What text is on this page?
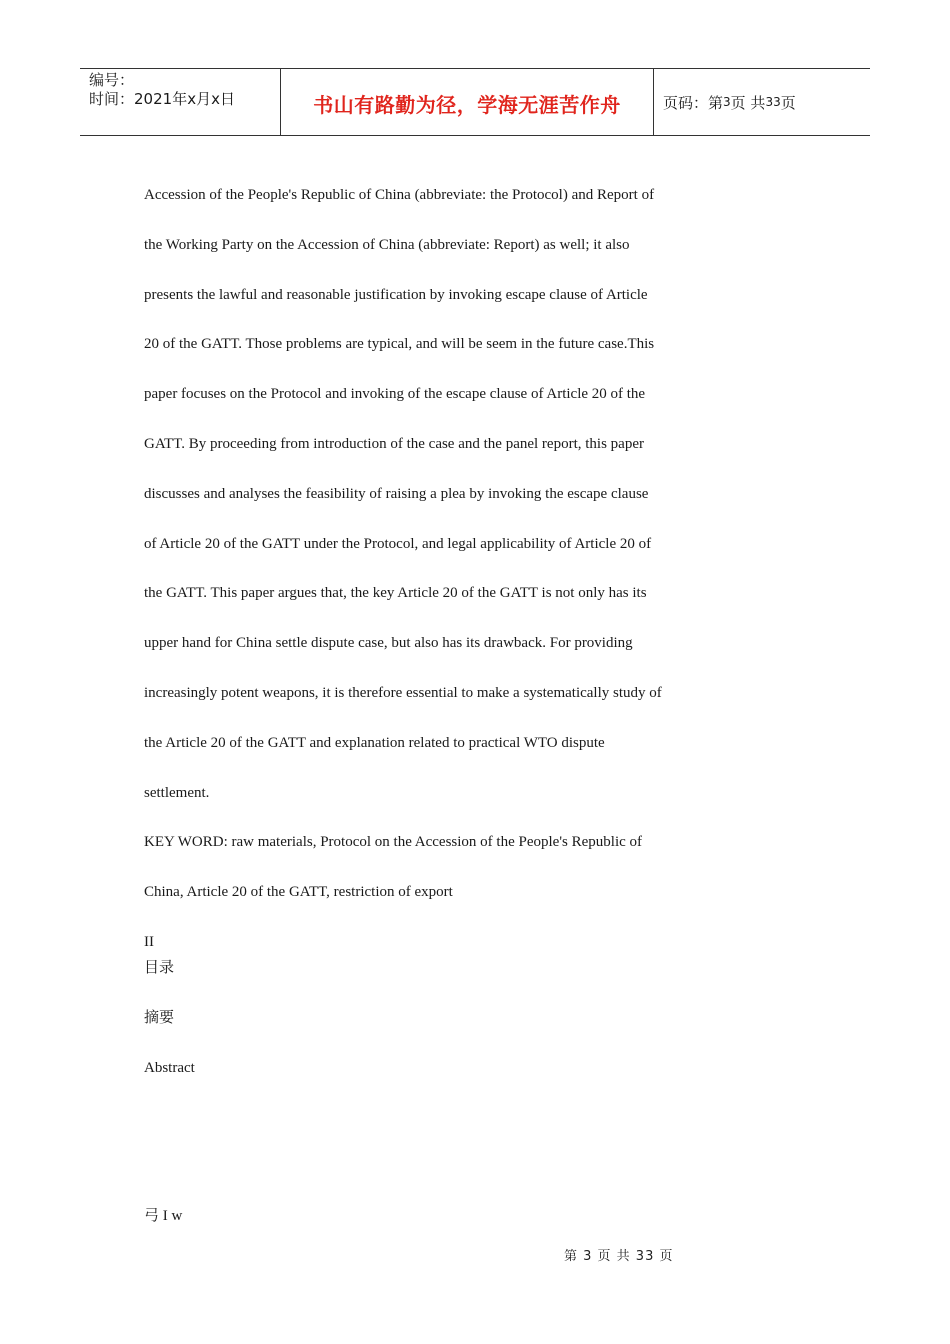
编号：
时间：2021年x月x日	书山有路勤为径，学海无涯苦作舟	页码：第 3 页 共 33 页
Accession of the People's Republic of China (abbreviate: the Protocol) and Report of
the Working Party on the Accession of China (abbreviate: Report) as well; it also
presents the lawful and reasonable justification by invoking escape clause of Article
20 of the GATT. Those problems are typical, and will be seem in the future case.This
paper focuses on the Protocol and invoking of the escape clause of Article 20 of the
GATT. By proceeding from introduction of the case and the panel report, this paper
discusses and analyses the feasibility of raising a plea by invoking the escape clause
of Article 20 of the GATT under the Protocol, and legal applicability of Article 20 of
the GATT. This paper argues that, the key Article 20 of the GATT is not only has its
upper hand for China settle dispute case, but also has its drawback. For providing
increasingly potent weapons, it is therefore essential to make a systematically study of
the Article 20 of the GATT and explanation related to practical WTO dispute
settlement.
KEY WORD: raw materials, Protocol on the Accession of the People's Republic of
China, Article 20 of the GATT, restriction of export
II
目录
摘要
Abstract
弓 I w
第 3 页 共 33 页
